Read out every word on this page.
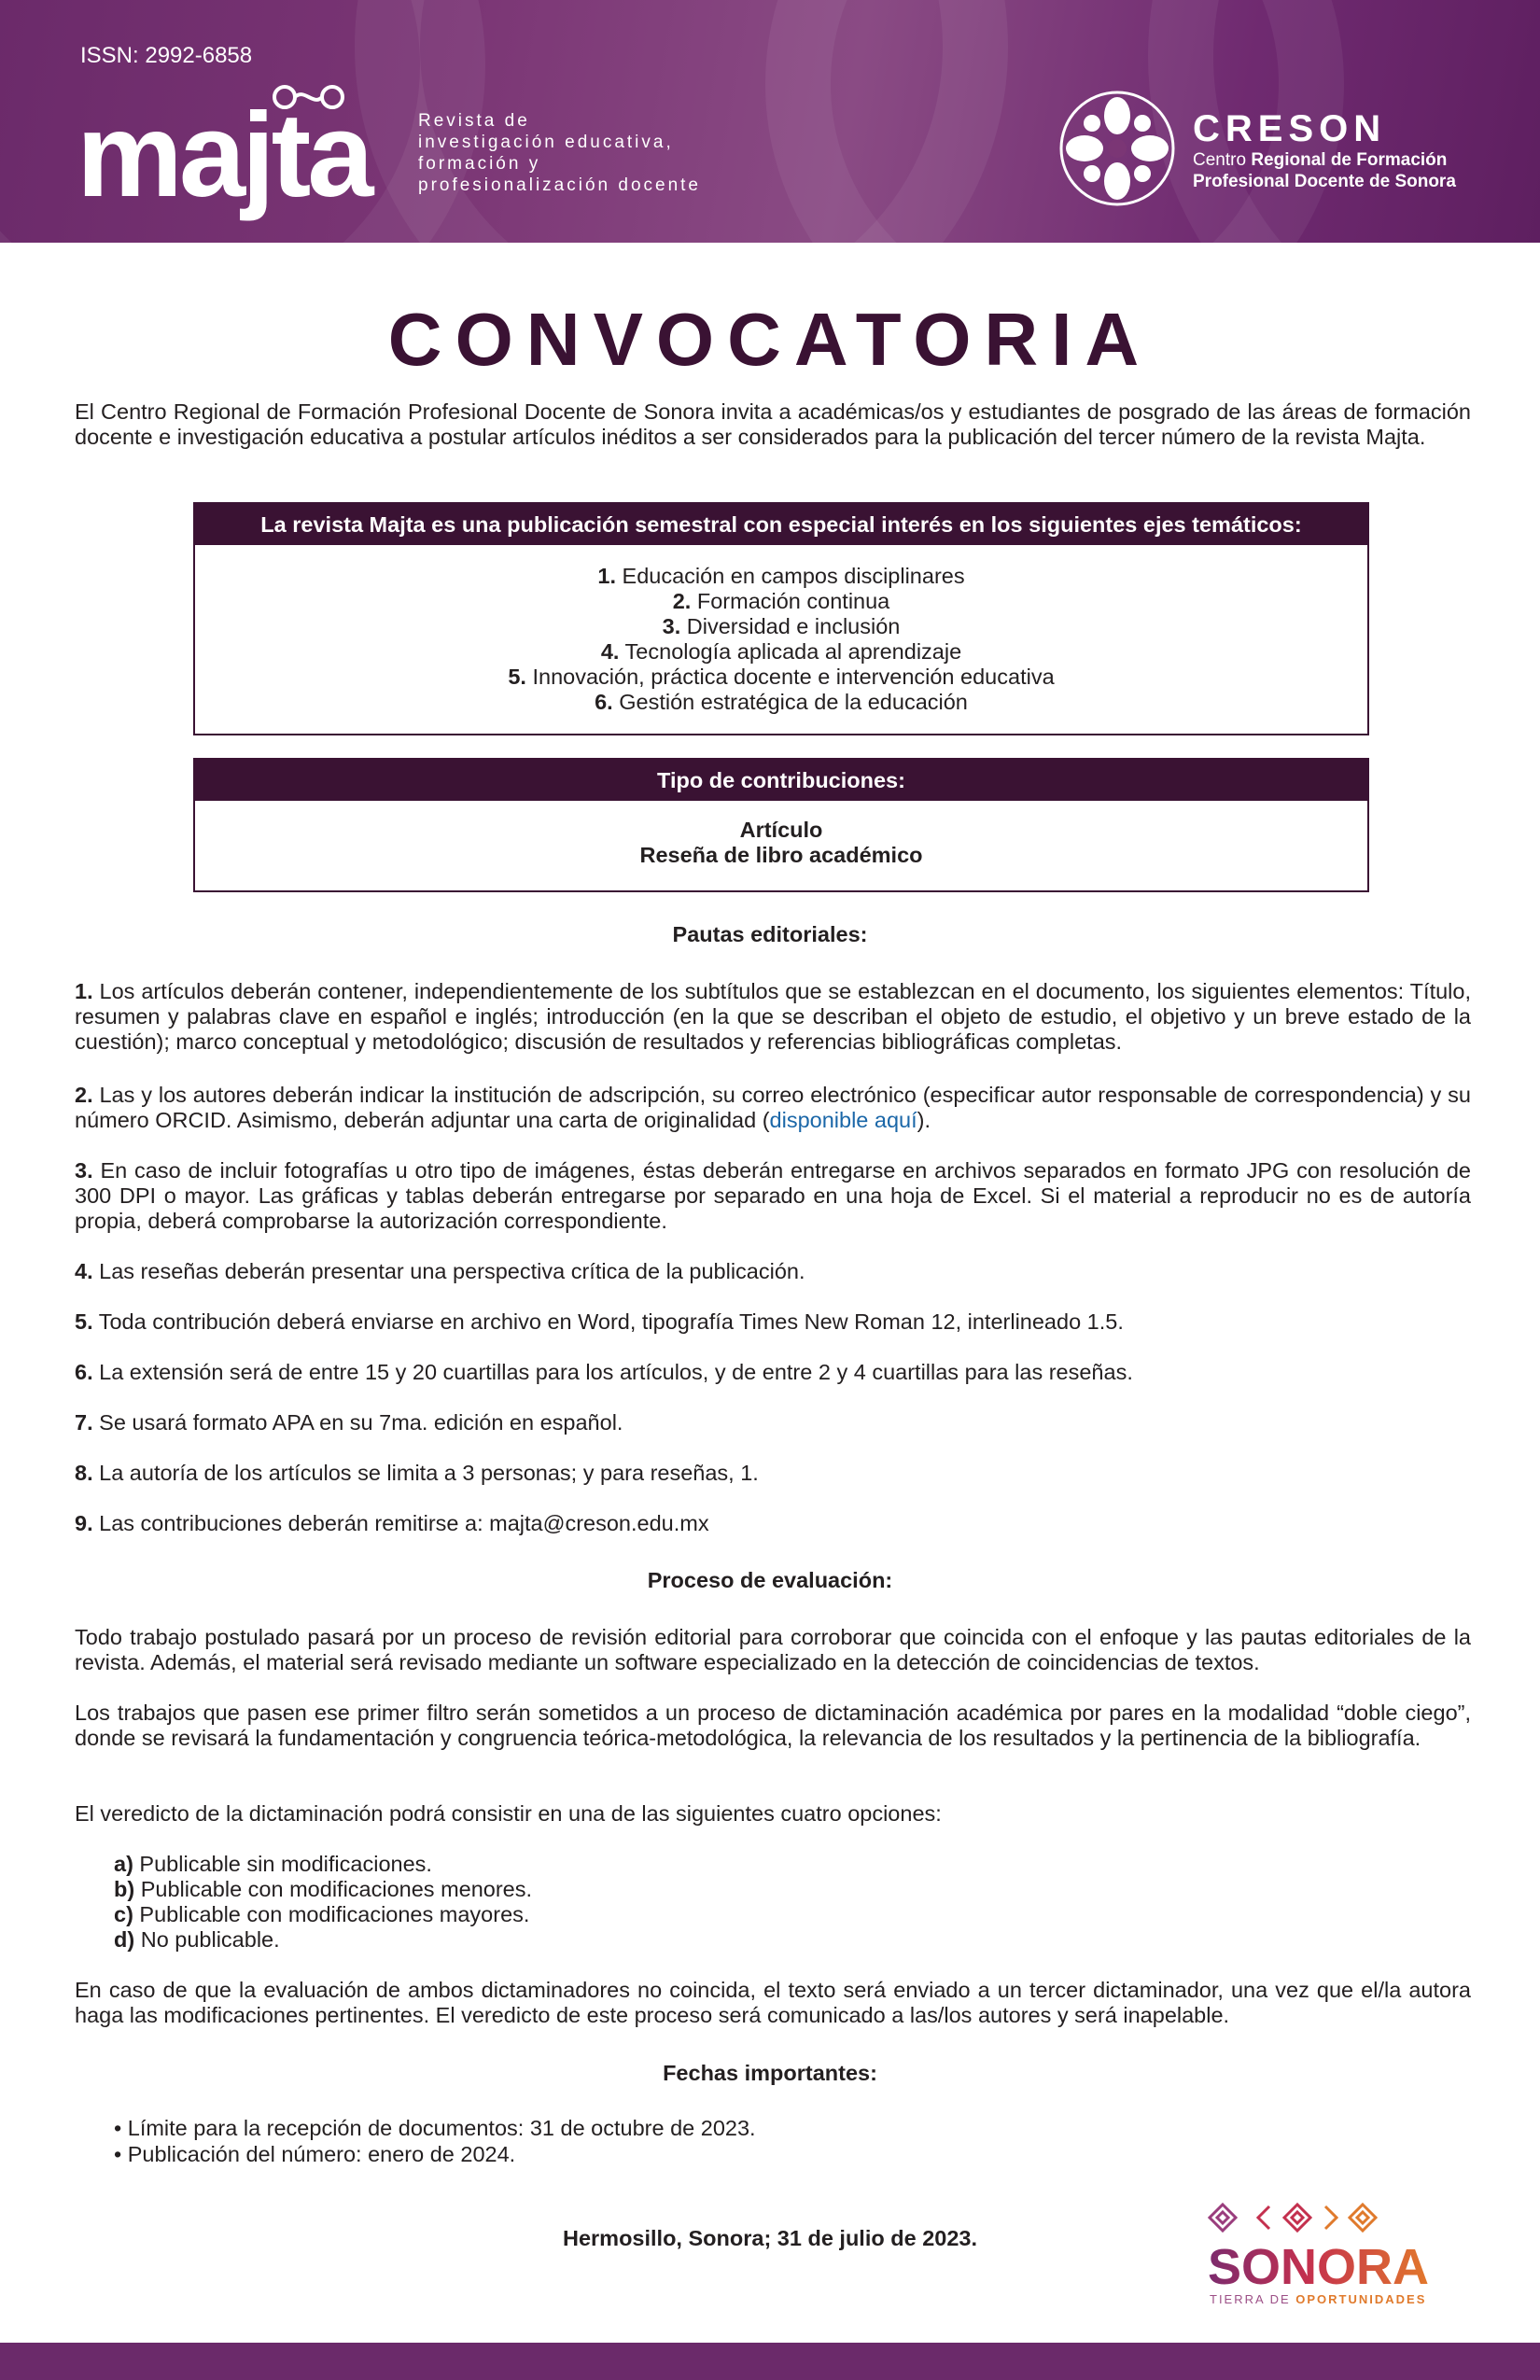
ISSN: 2992-6858
majta	Revista de
investigación educativa,
formación y
profesionalización docente
CRESON
Centro Regional de Formación
Profesional Docente de Sonora
CONVOCATORIA
El Centro Regional de Formación Profesional Docente de Sonora invita a académicas/os y estudiantes de posgrado de las áreas de formación docente e investigación educativa a postular artículos inéditos a ser considerados para la publicación del tercer número de la revista Majta.
La revista Majta es una publicación semestral con especial interés en los siguientes ejes temáticos:
1. Educación en campos disciplinares
2. Formación continua
3. Diversidad e inclusión
4. Tecnología aplicada al aprendizaje
5. Innovación, práctica docente e intervención educativa
6. Gestión estratégica de la educación
Tipo de contribuciones:
Artículo
Reseña de libro académico
Pautas editoriales:
1. Los artículos deberán contener, independientemente de los subtítulos que se establezcan en el documento, los siguientes elementos: Título, resumen y palabras clave en español e inglés; introducción (en la que se describan el objeto de estudio, el objetivo y un breve estado de la cuestión); marco conceptual y metodológico; discusión de resultados y referencias bibliográficas completas.
2. Las y los autores deberán indicar la institución de adscripción, su correo electrónico (especificar autor responsable de correspondencia) y su número ORCID. Asimismo, deberán adjuntar una carta de originalidad (disponible aquí).
3. En caso de incluir fotografías u otro tipo de imágenes, éstas deberán entregarse en archivos separados en formato JPG con resolución de 300 DPI o mayor. Las gráficas y tablas deberán entregarse por separado en una hoja de Excel. Si el material a reproducir no es de autoría propia, deberá comprobarse la autorización correspondiente.
4. Las reseñas deberán presentar una perspectiva crítica de la publicación.
5. Toda contribución deberá enviarse en archivo en Word, tipografía Times New Roman 12, interlineado 1.5.
6. La extensión será de entre 15 y 20 cuartillas para los artículos, y de entre 2 y 4 cuartillas para las reseñas.
7. Se usará formato APA en su 7ma. edición en español.
8. La autoría de los artículos se limita a 3 personas; y para reseñas, 1.
9. Las contribuciones deberán remitirse a: majta@creson.edu.mx
Proceso de evaluación:
Todo trabajo postulado pasará por un proceso de revisión editorial para corroborar que coincida con el enfoque y las pautas editoriales de la revista. Además, el material será revisado mediante un software especializado en la detección de coincidencias de textos.
Los trabajos que pasen ese primer filtro serán sometidos a un proceso de dictaminación académica por pares en la modalidad “doble ciego”, donde se revisará la fundamentación y congruencia teórica-metodológica, la relevancia de los resultados y la pertinencia de la bibliografía.
El veredicto de la dictaminación podrá consistir en una de las siguientes cuatro opciones:
a) Publicable sin modificaciones.
b) Publicable con modificaciones menores.
c) Publicable con modificaciones mayores.
d) No publicable.
En caso de que la evaluación de ambos dictaminadores no coincida, el texto será enviado a un tercer dictaminador, una vez que el/la autora haga las modificaciones pertinentes. El veredicto de este proceso será comunicado a las/los autores y será inapelable.
Fechas importantes:
• Límite para la recepción de documentos: 31 de octubre de 2023.
• Publicación del número: enero de 2024.
Hermosillo, Sonora; 31 de julio de 2023.
SONORA
TIERRA DE OPORTUNIDADES
